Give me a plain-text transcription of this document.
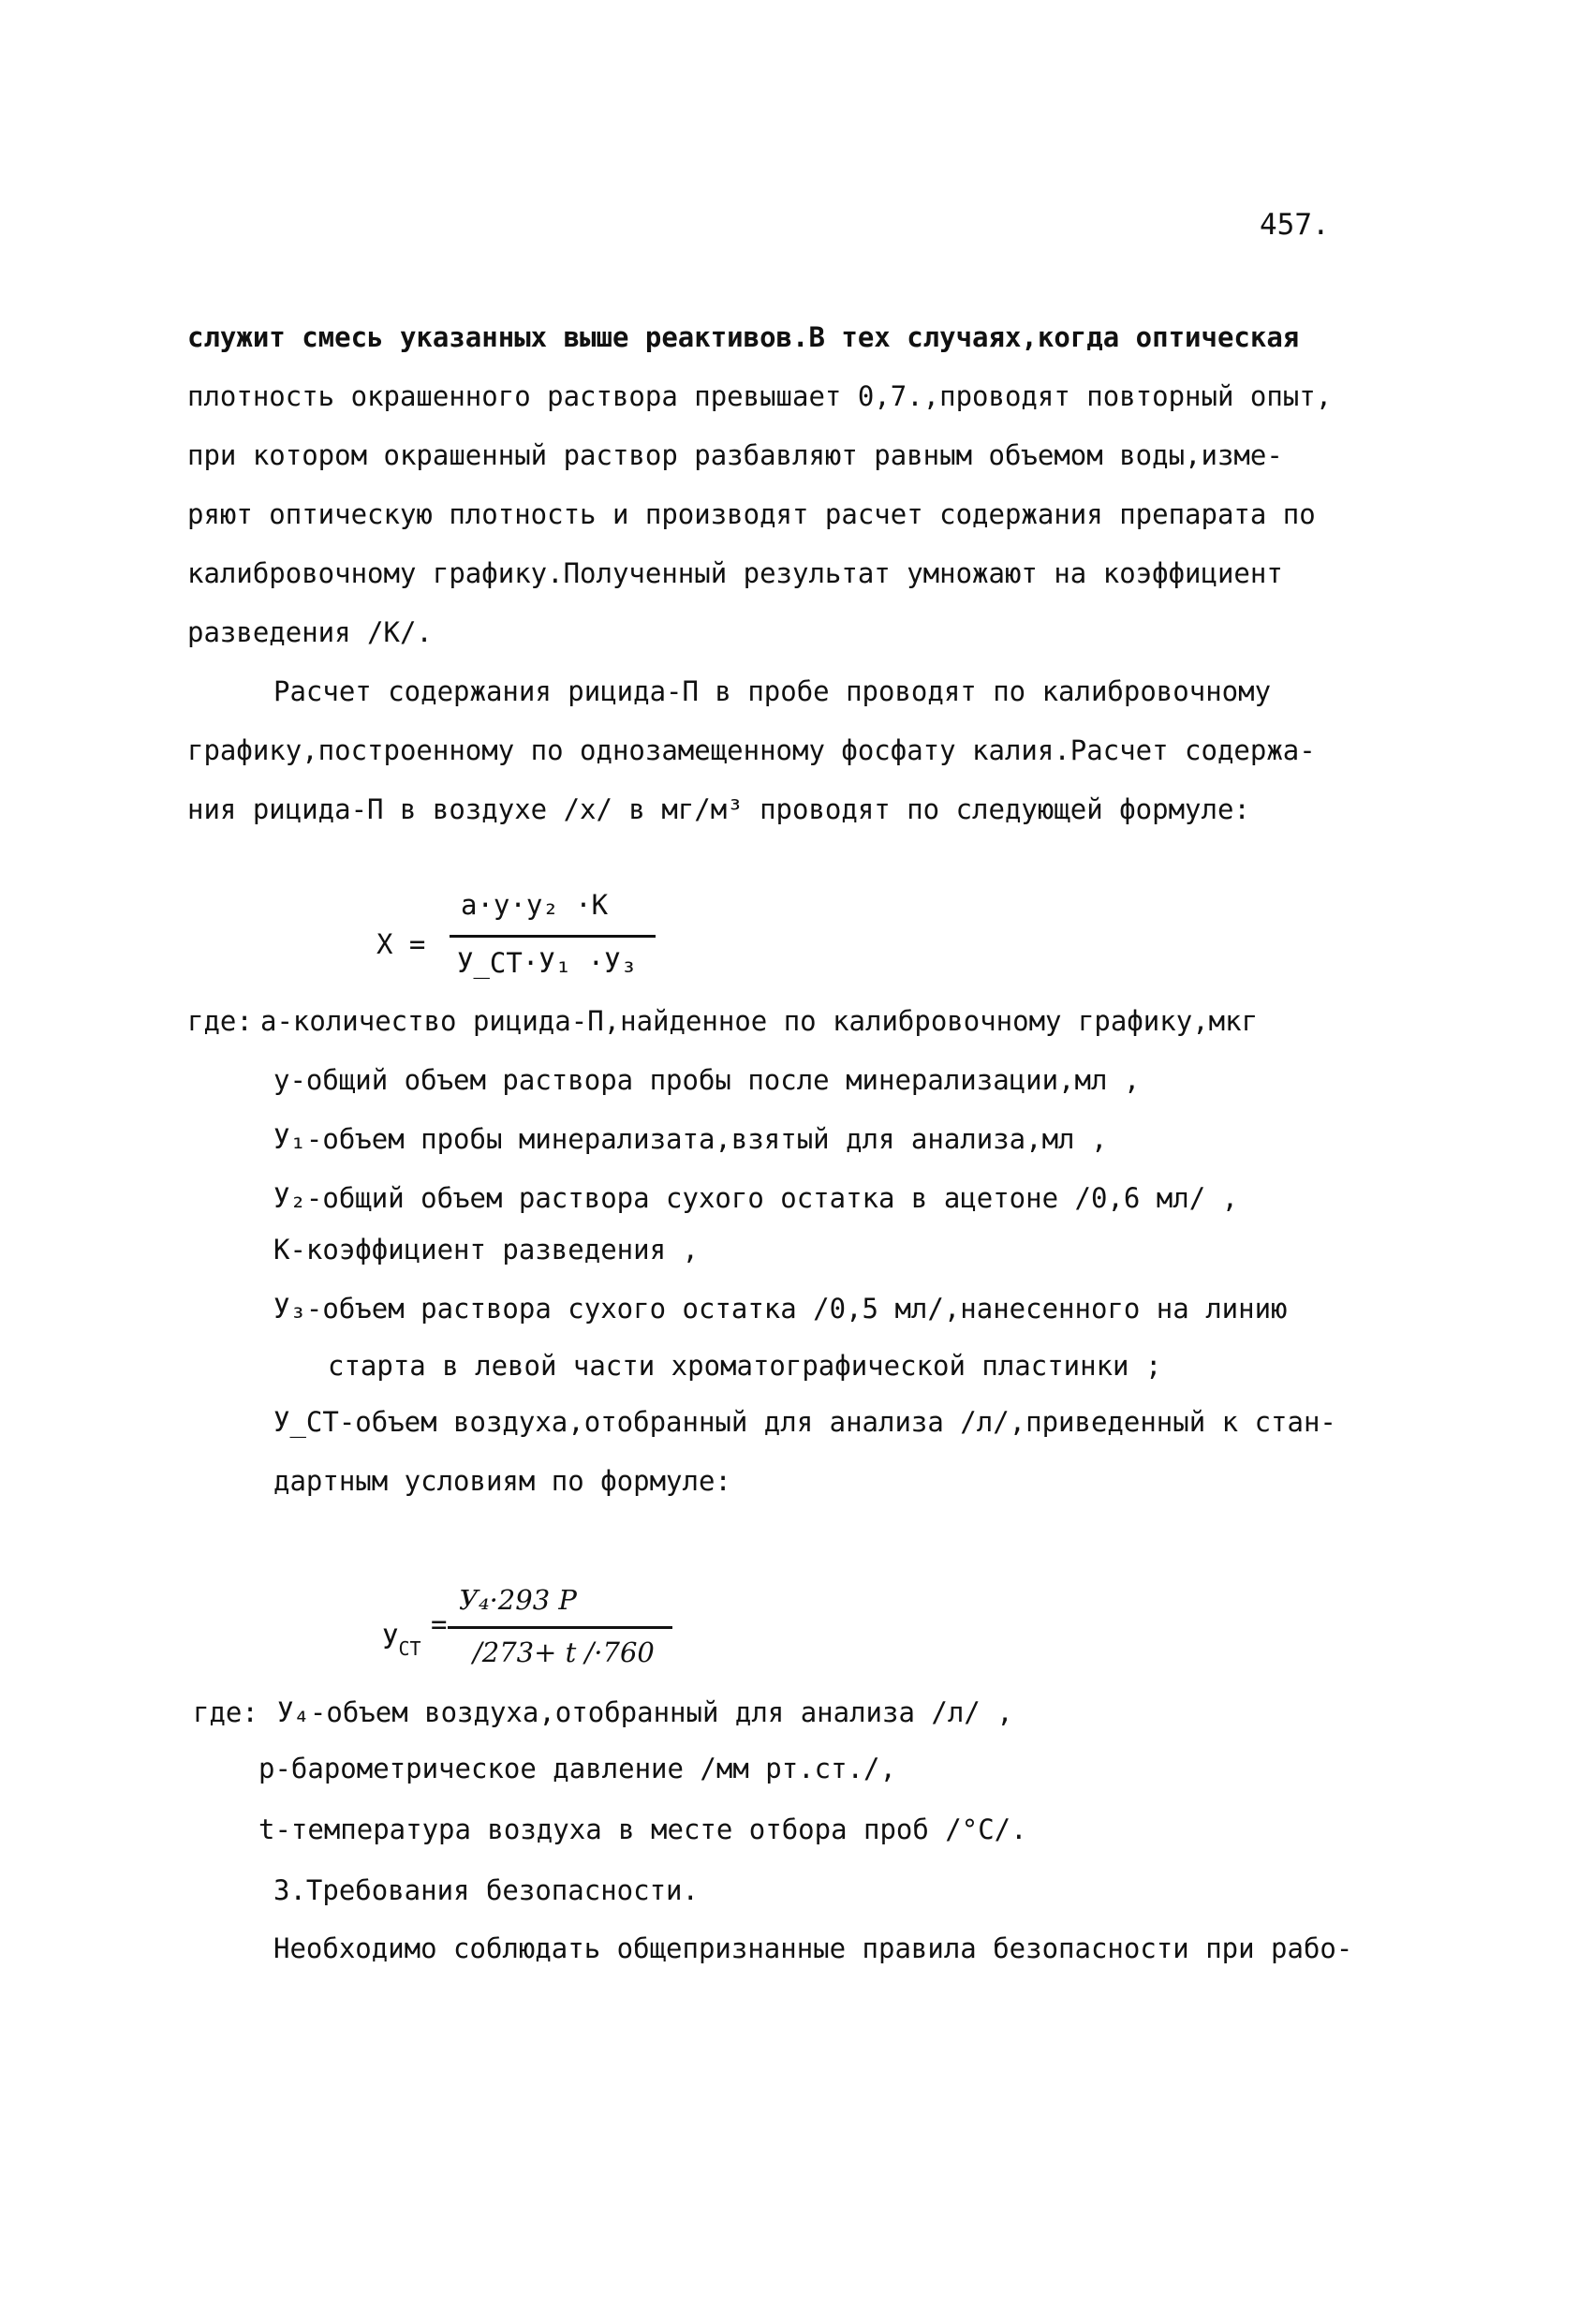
457.
служит смесь указанных выше реактивов.В тех случаях,когда оптическая
плотность окрашенного раствора превышает 0,7.,проводят повторный опыт,
при котором окрашенный раствор разбавляют равным объемом воды,изме-
ряют оптическую плотность и производят расчет содержания препарата по
калибровочному графику.Полученный результат умножают на коэффициент
разведения /К/.
Расчет содержания рицида-П в пробе проводят по калибровочному
графику,построенному по однозамещенному фосфату калия.Расчет содержа-
ния рицида-П в воздухе /х/ в мг/м³ проводят по следующей формуле:
X =
а·у·у₂ ·К
У_СТ·У₁ ·У₃
где: а-количество рицида-П,найденное по калибровочному графику,мкг
у-общий объем раствора пробы после минерализации,мл ,
У₁-объем пробы минерализата,взятый для анализа,мл ,
У₂-общий объем раствора сухого остатка в ацетоне /0,6 мл/ ,
К-коэффициент разведения ,
У₃-объем раствора сухого остатка /0,5 мл/,нанесенного на линию
старта в левой части хроматографической пластинки ;
У_СТ-объем воздуха,отобранный для анализа /л/,приведенный к стан-
дартным условиям по формуле:
$У_{СТ}$
=
У₄·293 Р
/273+ t /·760
где: У₄-объем воздуха,отобранный для анализа /л/ ,
р-барометрическое давление /мм рт.ст./,
t-температура воздуха в месте отбора проб /°С/.
3.Требования безопасности.
Необходимо соблюдать общепризнанные правила безопасности при рабо-
